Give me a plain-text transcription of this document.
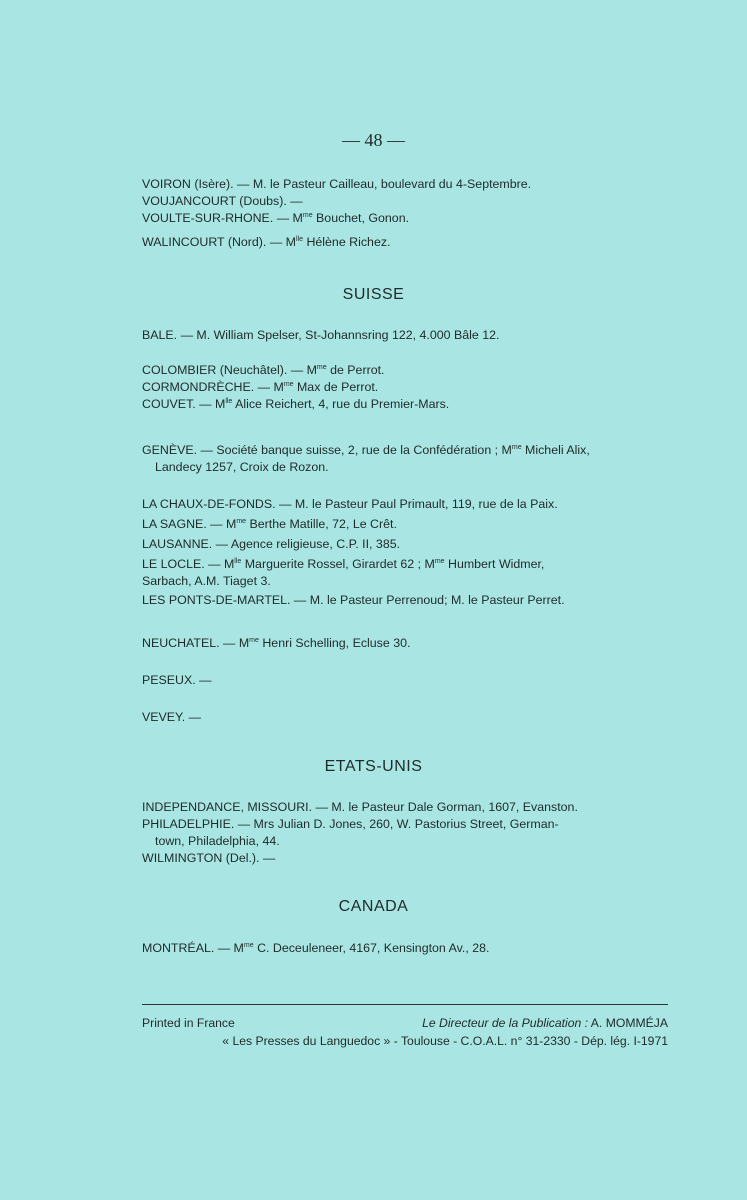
— 48 —
VOIRON (Isère). — M. le Pasteur Cailleau, boulevard du 4-Septembre.
VOUJANCOURT (Doubs). —
VOULTE-SUR-RHONE. — $M^{me}$ Bouchet, Gonon.
WALINCOURT (Nord). — $M^{lle}$ Hélène Richez.
SUISSE
BALE. — M. William Spelser, St-Johannsring 122, 4.000 Bâle 12.
COLOMBIER (Neuchâtel). — $M^{me}$ de Perrot.
CORMONDRÈCHE. — $M^{me}$ Max de Perrot.
COUVET. — $M^{lle}$ Alice Reichert, 4, rue du Premier-Mars.
GENÈVE. — Société banque suisse, 2, rue de la Confédération ; $M^{me}$ Micheli Alix,
Landecy 1257, Croix de Rozon.
LA CHAUX-DE-FONDS. — M. le Pasteur Paul Primault, 119, rue de la Paix.
LA SAGNE. — $M^{me}$ Berthe Matille, 72, Le Crêt.
LAUSANNE. — Agence religieuse, C.P. II, 385.
LE LOCLE. — $M^{lle}$ Marguerite Rossel, Girardet 62 ; $M^{me}$ Humbert Widmer,
Sarbach, A.M. Tiaget 3.
LES PONTS-DE-MARTEL. — M. le Pasteur Perrenoud; M. le Pasteur Perret.
NEUCHATEL. — $M^{me}$ Henri Schelling, Ecluse 30.
PESEUX. —
VEVEY. —
ETATS-UNIS
INDEPENDANCE, MISSOURI. — M. le Pasteur Dale Gorman, 1607, Evanston.
PHILADELPHIE. — Mrs Julian D. Jones, 260, W. Pastorius Street, German-
town, Philadelphia, 44.
WILMINGTON (Del.). —
CANADA
MONTRÉAL. — $M^{me}$ C. Deceuleneer, 4167, Kensington Av., 28.
Printed in France	Le Directeur de la Publication : A. MOMMÉJA
« Les Presses du Languedoc » - Toulouse - C.O.A.L. n° 31-2330 - Dép. lég. I-1971
